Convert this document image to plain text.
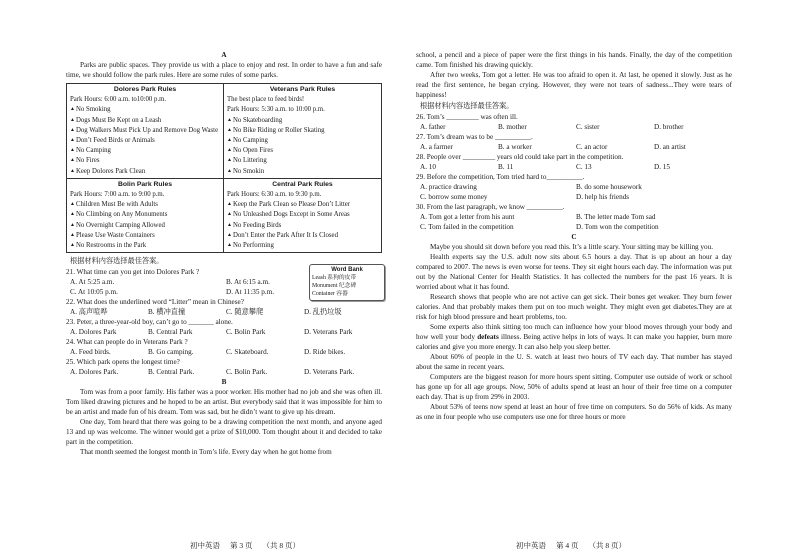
A

Parks are public spaces. They provide us with a place to enjoy and rest. In order to have a fun and safe time, we should follow the park rules. Here are some rules of some parks.

Dolores Park Rules
Park Hours: 6:00 a.m. to10:00 p.m.
▲ No Smoking
▲ Dogs Must Be Kept on a Leash
▲ Dog Walkers Must Pick Up and Remove Dog Waste
▲ Don’t Feed Birds or Animals
▲ No Camping
▲ No Fires
▲ Keep Dolores Park Clean
Veterans Park Rules
The best place to feed birds!
Park Hours: 5:30 a.m. to 10:00 p.m.
▲ No Skateboarding
▲ No Bike Riding or Roller Skating
▲ No Camping
▲ No Open Fires
▲ No Littering
▲ No Smokin
Bolin Park Rules
Park Hours: 7:00 a.m. to 9:00 p.m.
▲ Children Must Be with Adults
▲ No Climbing on Any Monuments
▲ No Overnight Camping Allowed
▲ Please Use Waste Containers
▲ No Restrooms in the Park
Central Park Rules
Park Hours: 6:30 a.m. to 9:30 p.m.
▲ Keep the Park Clean so Please Don’t Litter
▲ No Unleashed Dogs Except in Some Areas
▲ No Feeding Birds
▲ Don’t Enter the Park After It Is Closed
▲ No Performing
根据材料内容选择最佳答案。
21. What time can you get into Dolores Park ?
A. At 5:25 a.m.	B. At 6:15 a.m.
C. At 10:05 p.m.	D. At 11:35 p.m.
22. What does the underlined word “Litter” mean in Chinese?
A. 高声喧哗	B. 横冲直撞	C. 随意攀爬	D. 乱扔垃圾
23. Peter, a three-year-old boy, can’t go to _______ alone.
A. Dolores Park	B. Central Park	C. Bolin Park	D. Veterans Park
24. What can people do in Veterans Park ?
A. Feed birds.	B. Go camping.	C. Skateboard.	D. Ride bikes.
25. Which park opens the longest time?
A. Dolores Park.	B. Central Park.	C. Bolin Park.	D. Veterans Park.
B

Tom was from a poor family. His father was a poor worker. His mother had no job and she was often ill. Tom liked drawing pictures and he hoped to be an artist. But everybody said that it was impossible for him to be an artist and made fun of his dream. Tom was sad, but he didn’t want to give up his dream.

One day, Tom heard that there was going to be a drawing competition the next month, and anyone aged 13 and up was welcome. The winner would get a prize of $10,000. Tom thought about it and decided to take part in the competition.

That month seemed the longest month in Tom’s life. Every day when he got home from

Word Bank
Leash 系狗的皮带
Monument 纪念碑
Container 容器

school, a pencil and a piece of paper were the first things in his hands. Finally, the day of the competition came. Tom finished his drawing quickly.

After two weeks, Tom got a letter. He was too afraid to open it. At last, he opened it slowly. Just as he read the first sentence, he began crying. However, they were not tears of sadness...They were tears of happiness!

根据材料内容选择最佳答案。
26. Tom’s _________ was often ill.
A. father	B. mother	C. sister	D. brother
27. Tom’s dream was to be __________.
A. a farmer	B. a worker	C. an actor	D. an artist
28. People over _________ years old could take part in the competition.
A. 10	B. 11	C. 13	D. 15
29. Before the competition, Tom tried hard to__________.
A. practice drawing	B. do some housework
C. borrow some money	D. help his friends
30. From the last paragraph, we know __________.
A. Tom got a letter from his aunt	B. The letter made Tom sad
C. Tom failed in the competition	D. Tom won the competition
C

Maybe you should sit down before you read this. It’s a little scary. Your sitting may be killing you.

Health experts say the U.S. adult now sits about 6.5 hours a day. That is up about an hour a day compared to 2007. The news is even worse for teens. They sit eight hours each day. The information was put out by the National Center for Health Statistics. It has collected the numbers for the past 16 years. It is worried about what it has found.

Research shows that people who are not active can get sick. Their bones get weaker. They burn fewer calories. And that probably makes them put on too much weight. They might even get diabetes.They are at risk for high blood pressure and heart problems, too.

Some experts also think sitting too much can influence how your blood moves through your body and how well your body defeats illness. Being active helps in lots of ways. It can make you happier, burn more calories and give you more energy. It can also help you sleep better.

About 60% of people in the U. S. watch at least two hours of TV each day. That number has stayed about the same in recent years.

Computers are the biggest reason for more hours spent sitting. Computer use outside of work or school has gone up for all age groups. Now, 50% of adults spend at least an hour of their free time on a computer each day. That is up from 29% in 2003.

About 53% of teens now spend at least an hour of free time on computers. So do 56% of kids. As many as one in four people who use computers use one for three hours or more

初中英语 第 3 页 （共 8 页）	初中英语 第 4 页 （共 8 页）
